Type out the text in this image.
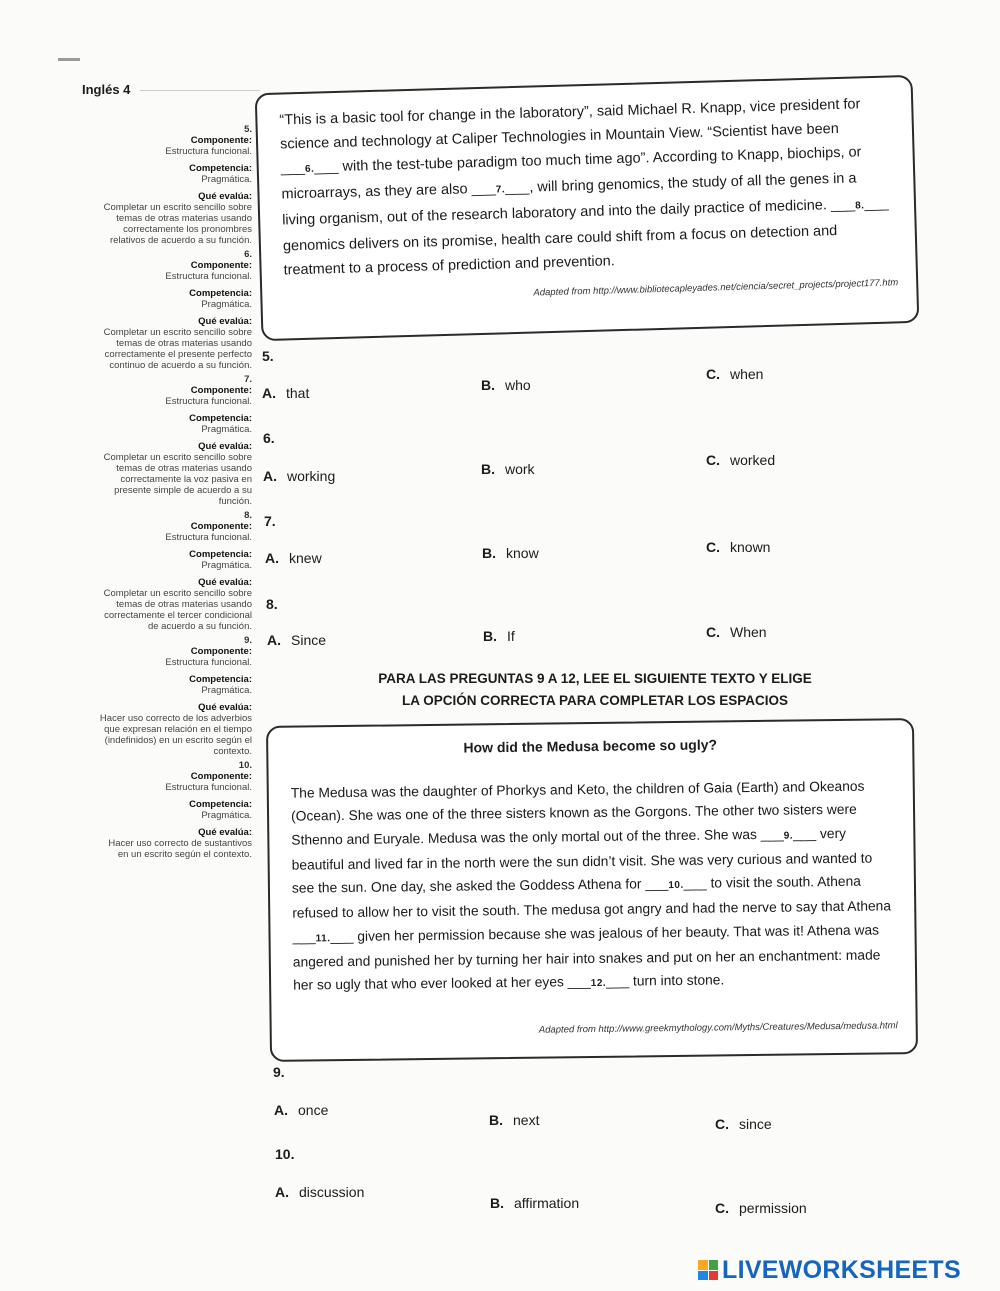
Inglés 4
5.
Componente:
Estructura funcional.
Competencia:
Pragmática.
Qué evalúa:
Completar un escrito sencillo sobre temas de otras materias usando correctamente los pronombres relativos de acuerdo a su función.
6.
Componente:
Estructura funcional.
Competencia:
Pragmática.
Qué evalúa:
Completar un escrito sencillo sobre temas de otras materias usando correctamente el presente perfecto continuo de acuerdo a su función.
7.
Componente:
Estructura funcional.
Competencia:
Pragmática.
Qué evalúa:
Completar un escrito sencillo sobre temas de otras materias usando correctamente la voz pasiva en presente simple de acuerdo a su función.
8.
Componente:
Estructura funcional.
Competencia:
Pragmática.
Qué evalúa:
Completar un escrito sencillo sobre temas de otras materias usando correctamente el tercer condicional de acuerdo a su función.
9.
Componente:
Estructura funcional.
Competencia:
Pragmática.
Qué evalúa:
Hacer uso correcto de los adverbios que expresan relación en el tiempo (indefinidos) en un escrito según el contexto.
10.
Componente:
Estructura funcional.
Competencia:
Pragmática.
Qué evalúa:
Hacer uso correcto de sustantivos en un escrito según el contexto.
“This is a basic tool for change in the laboratory”, said Michael R. Knapp, vice president for science and technology at Caliper Technologies in Mountain View. “Scientist have been ___6.___ with the test-tube paradigm too much time ago”. According to Knapp, biochips, or microarrays, as they are also ___7.___, will bring genomics, the study of all the genes in a living organism, out of the research laboratory and into the daily practice of medicine. ___8.___ genomics delivers on its promise, health care could shift from a focus on detection and treatment to a process of prediction and prevention.
Adapted from http://www.bibliotecapleyades.net/ciencia/secret_projects/project177.htm
5.
A. that	B. who
C. when
6.
A. working	B. work
C. worked
7.
A. knew	B. know	C. known
8.
A. Since	B. If	C. When
PARA LAS PREGUNTAS 9 A 12, LEE EL SIGUIENTE TEXTO Y ELIGE
LA OPCIÓN CORRECTA PARA COMPLETAR LOS ESPACIOS
How did the Medusa become so ugly?
The Medusa was the daughter of Phorkys and Keto, the children of Gaia (Earth) and Okeanos (Ocean). She was one of the three sisters known as the Gorgons. The other two sisters were Sthenno and Euryale. Medusa was the only mortal out of the three. She was ___9.___ very beautiful and lived far in the north were the sun didn’t visit. She was very curious and wanted to see the sun. One day, she asked the Goddess Athena for ___10.___ to visit the south. Athena refused to allow her to visit the south. The medusa got angry and had the nerve to say that Athena ___11.___ given her permission because she was jealous of her beauty. That was it! Athena was angered and punished her by turning her hair into snakes and put on her an enchantment: made her so ugly that who ever looked at her eyes ___12.___ turn into stone.
Adapted from http://www.greekmythology.com/Myths/Creatures/Medusa/medusa.html
9.
A. once
B. next	C. since
10.
A. discussion
B. affirmation	C. permission
LIVEWORKSHEETS
